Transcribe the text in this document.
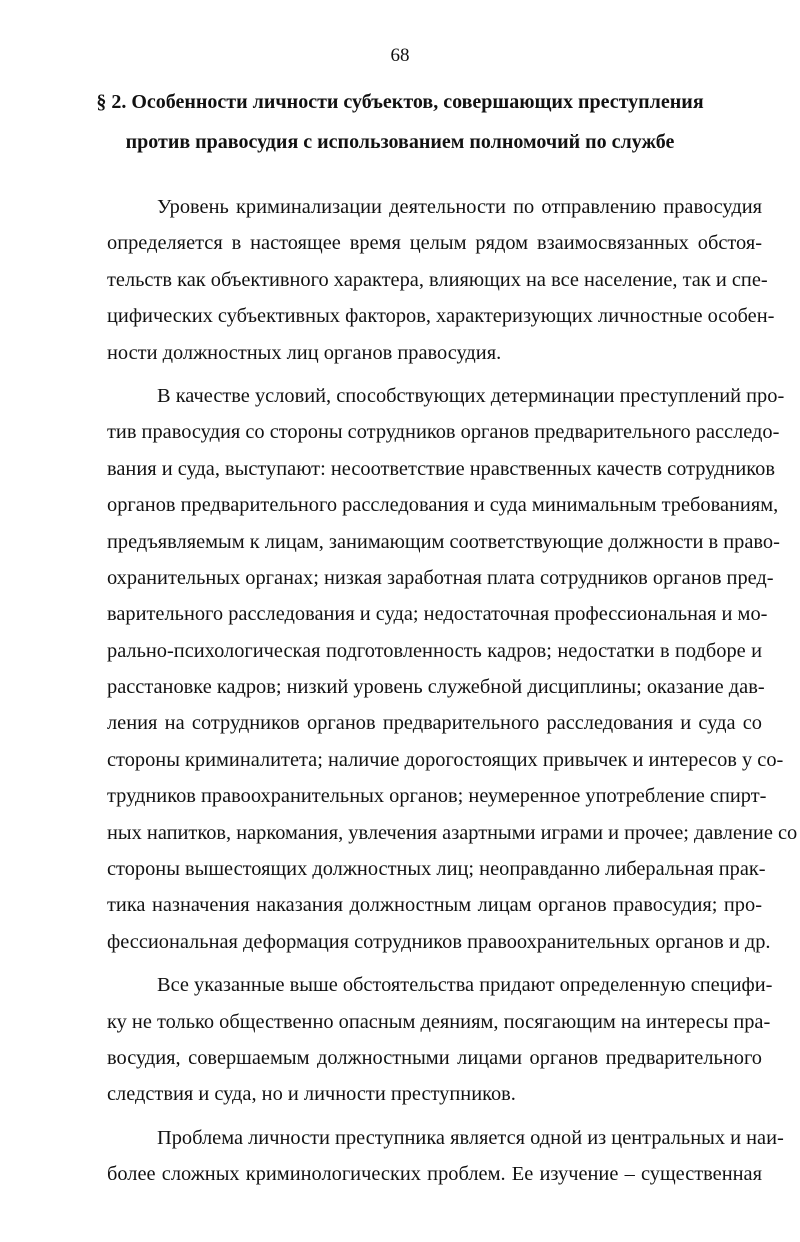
68
§ 2. Особенности личности субъектов, совершающих преступления
против правосудия с использованием полномочий по службе
Уровень криминализации деятельности по отправлению правосудия
определяется в настоящее время целым рядом взаимосвязанных обстоя-
тельств как объективного характера, влияющих на все население, так и спе-
цифических субъективных факторов, характеризующих личностные особен-
ности должностных лиц органов правосудия.
В качестве условий, способствующих детерминации преступлений про-
тив правосудия со стороны сотрудников органов предварительного расследо-
вания и суда, выступают: несоответствие нравственных качеств сотрудников
органов предварительного расследования и суда минимальным требованиям,
предъявляемым к лицам, занимающим соответствующие должности в право-
охранительных органах; низкая заработная плата сотрудников органов пред-
варительного расследования и суда; недостаточная профессиональная и мо-
рально-психологическая подготовленность кадров; недостатки в подборе и
расстановке кадров; низкий уровень служебной дисциплины; оказание дав-
ления на сотрудников органов предварительного расследования и суда со
стороны криминалитета; наличие дорогостоящих привычек и интересов у со-
трудников правоохранительных органов; неумеренное употребление спирт-
ных напитков, наркомания, увлечения азартными играми и прочее; давление со
стороны вышестоящих должностных лиц; неоправданно либеральная прак-
тика назначения наказания должностным лицам органов правосудия; про-
фессиональная деформация сотрудников правоохранительных органов и др.
Все указанные выше обстоятельства придают определенную специфи-
ку не только общественно опасным деяниям, посягающим на интересы пра-
восудия, совершаемым должностными лицами органов предварительного
следствия и суда, но и личности преступников.
Проблема личности преступника является одной из центральных и наи-
более сложных криминологических проблем. Ее изучение – существенная
